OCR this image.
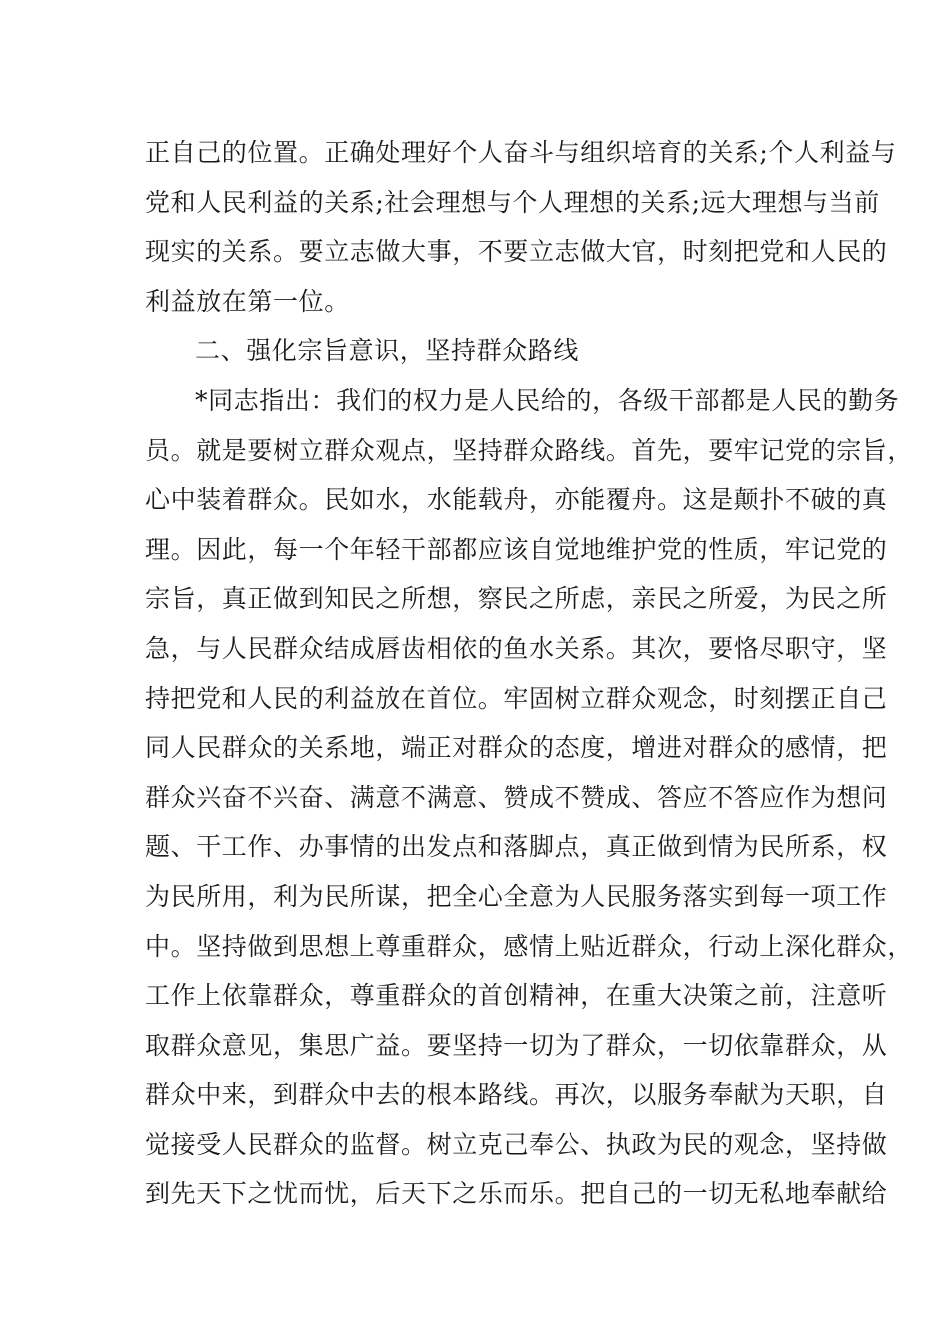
正自己的位置。正确处理好个人奋斗与组织培育的关系;个人利益与
党和人民利益的关系;社会理想与个人理想的关系;远大理想与当前
现实的关系。要立志做大事，不要立志做大官，时刻把党和人民的
利益放在第一位。
二、强化宗旨意识，坚持群众路线
*同志指出：我们的权力是人民给的，各级干部都是人民的勤务
员。就是要树立群众观点，坚持群众路线。首先，要牢记党的宗旨，
心中装着群众。民如水，水能载舟，亦能覆舟。这是颠扑不破的真
理。因此，每一个年轻干部都应该自觉地维护党的性质，牢记党的
宗旨，真正做到知民之所想，察民之所虑，亲民之所爱，为民之所
急，与人民群众结成唇齿相依的鱼水关系。其次，要恪尽职守，坚
持把党和人民的利益放在首位。牢固树立群众观念，时刻摆正自己
同人民群众的关系地，端正对群众的态度，增进对群众的感情，把
群众兴奋不兴奋、满意不满意、赞成不赞成、答应不答应作为想问
题、干工作、办事情的出发点和落脚点，真正做到情为民所系，权
为民所用，利为民所谋，把全心全意为人民服务落实到每一项工作
中。坚持做到思想上尊重群众，感情上贴近群众，行动上深化群众，
工作上依靠群众，尊重群众的首创精神，在重大决策之前，注意听
取群众意见，集思广益。要坚持一切为了群众，一切依靠群众，从
群众中来，到群众中去的根本路线。再次，以服务奉献为天职，自
觉接受人民群众的监督。树立克己奉公、执政为民的观念，坚持做
到先天下之忧而忧，后天下之乐而乐。把自己的一切无私地奉献给
